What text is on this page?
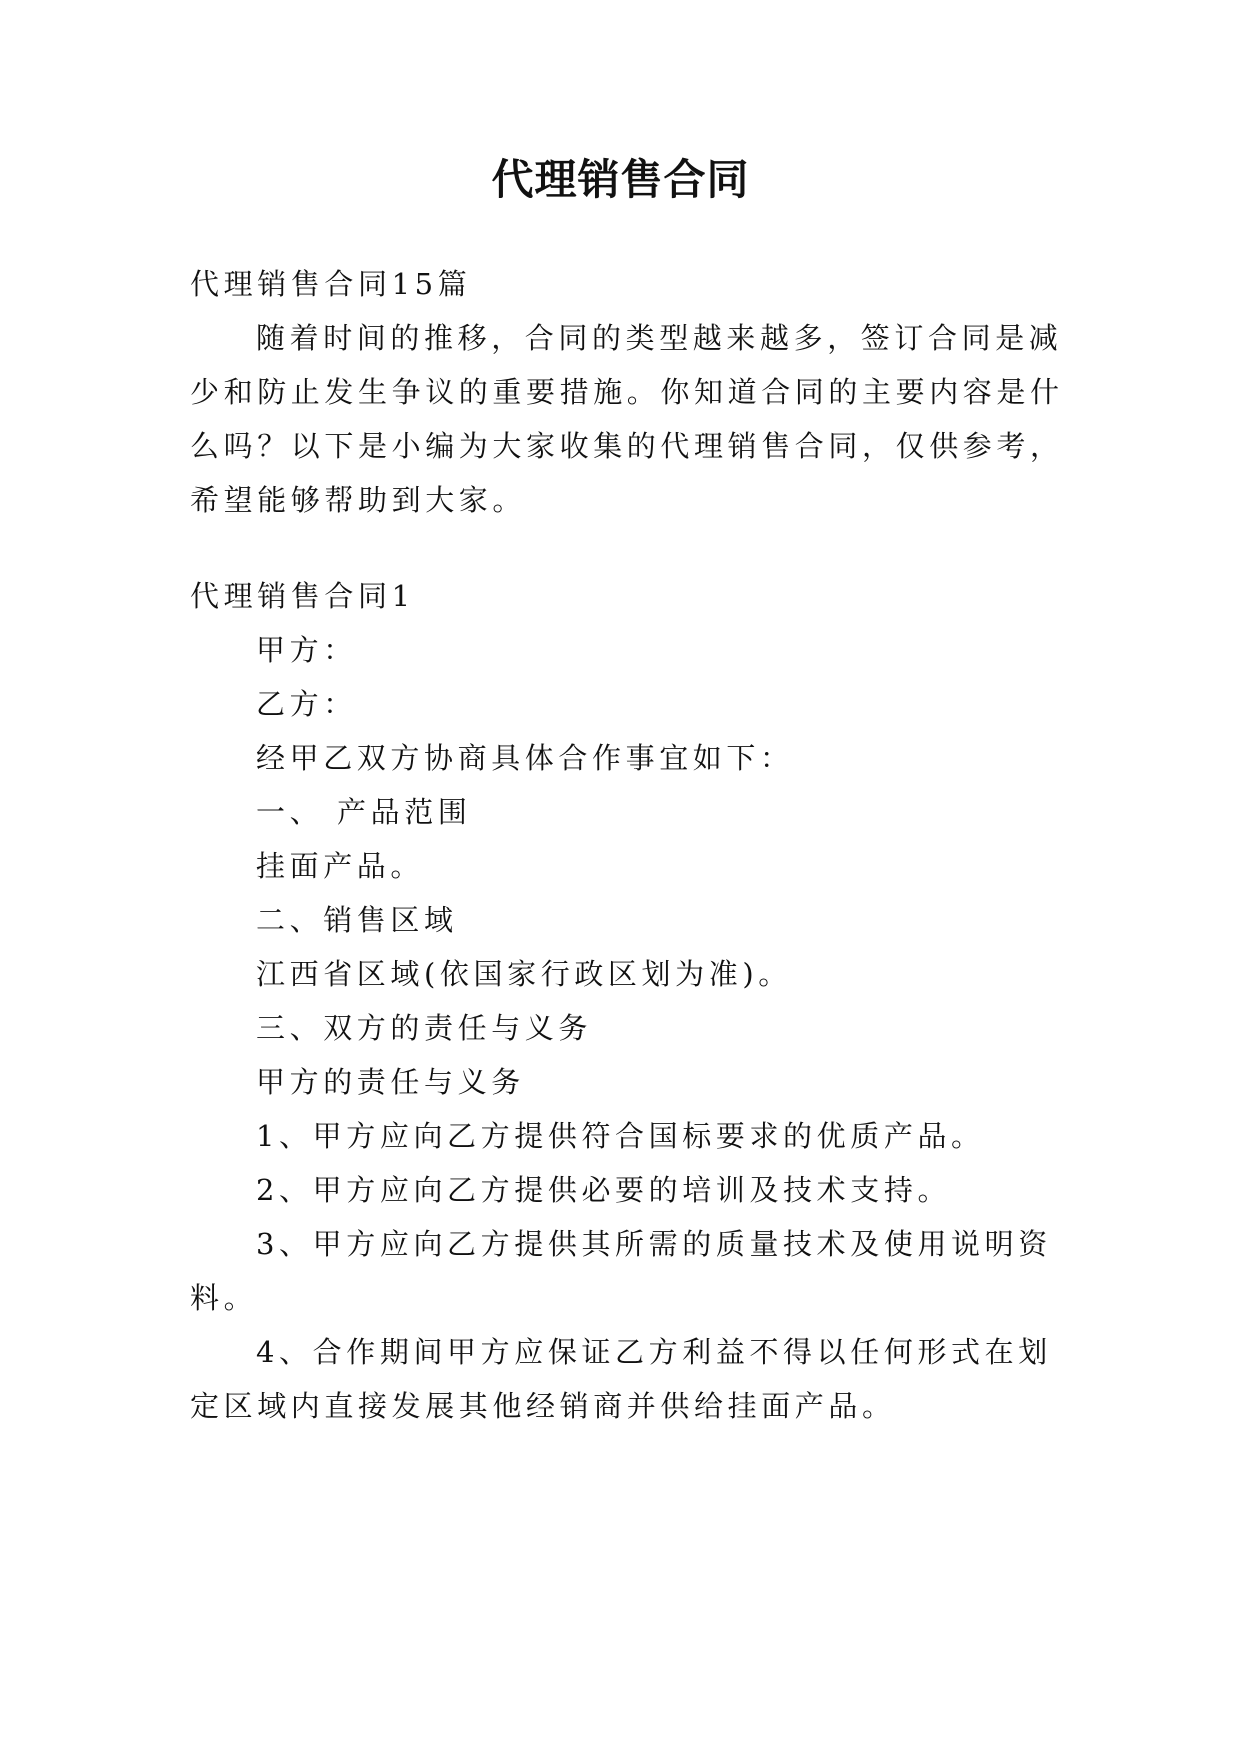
代理销售合同
代理销售合同15篇
随着时间的推移，合同的类型越来越多，签订合同是减
少和防止发生争议的重要措施。你知道合同的主要内容是什
么吗？以下是小编为大家收集的代理销售合同，仅供参考，
希望能够帮助到大家。
代理销售合同1
甲方：
乙方：
经甲乙双方协商具体合作事宜如下：
一、 产品范围
挂面产品。
二、销售区域
江西省区域(依国家行政区划为准)。
三、双方的责任与义务
甲方的责任与义务
1、甲方应向乙方提供符合国标要求的优质产品。
2、甲方应向乙方提供必要的培训及技术支持。
3、甲方应向乙方提供其所需的质量技术及使用说明资
料。
4、合作期间甲方应保证乙方利益不得以任何形式在划
定区域内直接发展其他经销商并供给挂面产品。
